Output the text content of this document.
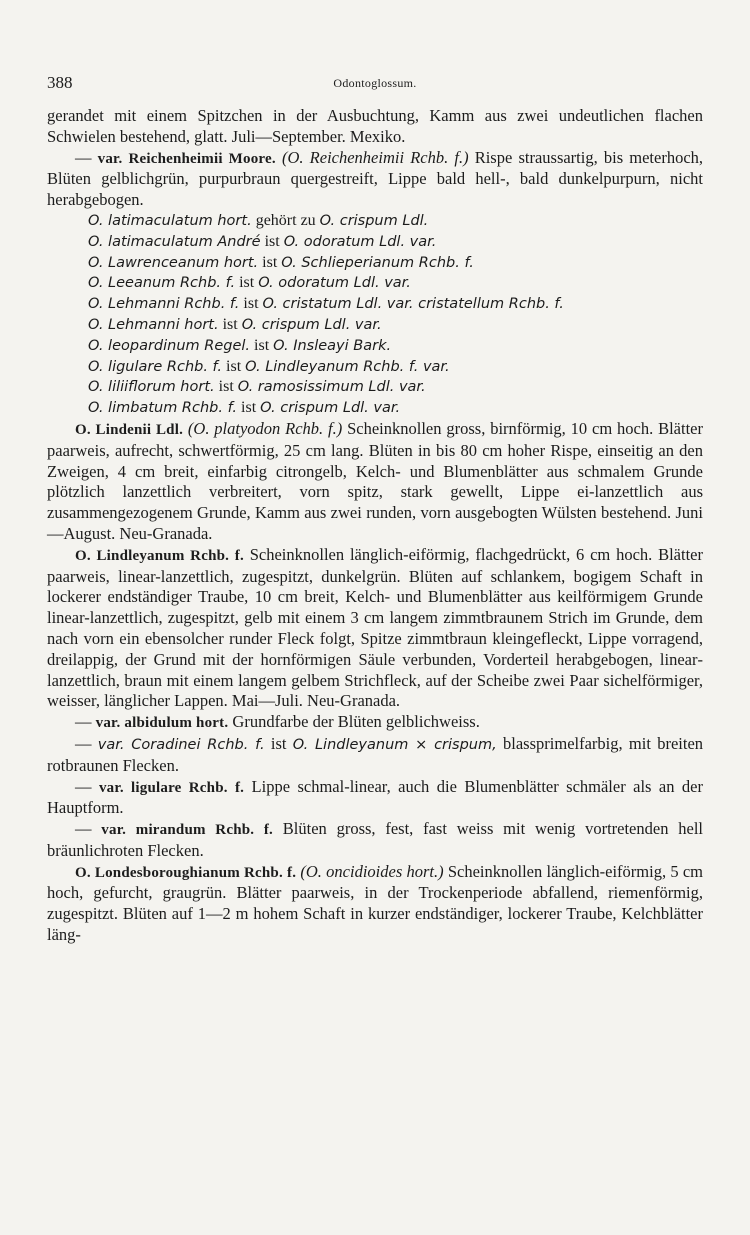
388	Odontoglossum.

gerandet mit einem Spitzchen in der Ausbuchtung, Kamm aus zwei undeutlichen flachen Schwielen bestehend, glatt. Juli—September. Mexiko.

— var. Reichenheimii Moore. (O. Reichenheimii Rchb. f.) Rispe straussartig, bis meterhoch, Blüten gelblichgrün, purpurbraun quergestreift, Lippe bald hell-, bald dunkelpurpurn, nicht herabgebogen.

O. latimaculatum hort. gehört zu O. crispum Ldl.

O. latimaculatum André ist O. odoratum Ldl. var.

O. Lawrenceanum hort. ist O. Schlieperianum Rchb. f.

O. Leeanum Rchb. f. ist O. odoratum Ldl. var.

O. Lehmanni Rchb. f. ist O. cristatum Ldl. var. cristatellum Rchb. f.

O. Lehmanni hort. ist O. crispum Ldl. var.

O. leopardinum Regel. ist O. Insleayi Bark.

O. ligulare Rchb. f. ist O. Lindleyanum Rchb. f. var.

O. liliiflorum hort. ist O. ramosissimum Ldl. var.

O. limbatum Rchb. f. ist O. crispum Ldl. var.

O. Lindenii Ldl. (O. platyodon Rchb. f.) Scheinknollen gross, birnförmig, 10 cm hoch. Blätter paarweis, aufrecht, schwertförmig, 25 cm lang. Blüten in bis 80 cm hoher Rispe, einseitig an den Zweigen, 4 cm breit, einfarbig citrongelb, Kelch- und Blumenblätter aus schmalem Grunde plötzlich lanzettlich verbreitert, vorn spitz, stark gewellt, Lippe ei-lanzettlich aus zusammengezogenem Grunde, Kamm aus zwei runden, vorn ausgebogten Wülsten bestehend. Juni—August. Neu-Granada.

O. Lindleyanum Rchb. f. Scheinknollen länglich-eiförmig, flachgedrückt, 6 cm hoch. Blätter paarweis, linear-lanzettlich, zugespitzt, dunkelgrün. Blüten auf schlankem, bogigem Schaft in lockerer endständiger Traube, 10 cm breit, Kelch- und Blumenblätter aus keilförmigem Grunde linear-lanzettlich, zugespitzt, gelb mit einem 3 cm langem zimmtbraunem Strich im Grunde, dem nach vorn ein ebensolcher runder Fleck folgt, Spitze zimmtbraun kleingefleckt, Lippe vorragend, dreilappig, der Grund mit der hornförmigen Säule verbunden, Vorderteil herabgebogen, linearlanzettlich, braun mit einem langem gelbem Strichfleck, auf der Scheibe zwei Paar sichelförmiger, weisser, länglicher Lappen. Mai—Juli. Neu-Granada.

— var. albidulum hort. Grundfarbe der Blüten gelblichweiss.

— var. Coradinei Rchb. f. ist O. Lindleyanum × crispum, blassprimelfarbig, mit breiten rotbraunen Flecken.

— var. ligulare Rchb. f. Lippe schmal-linear, auch die Blumenblätter schmäler als an der Hauptform.

— var. mirandum Rchb. f. Blüten gross, fest, fast weiss mit wenig vortretenden hell bräunlichroten Flecken.

O. Londesboroughianum Rchb. f. (O. oncidioides hort.) Scheinknollen länglich-eiförmig, 5 cm hoch, gefurcht, graugrün. Blätter paarweis, in der Trockenperiode abfallend, riemenförmig, zugespitzt. Blüten auf 1—2 m hohem Schaft in kurzer endständiger, lockerer Traube, Kelchblätter läng-
